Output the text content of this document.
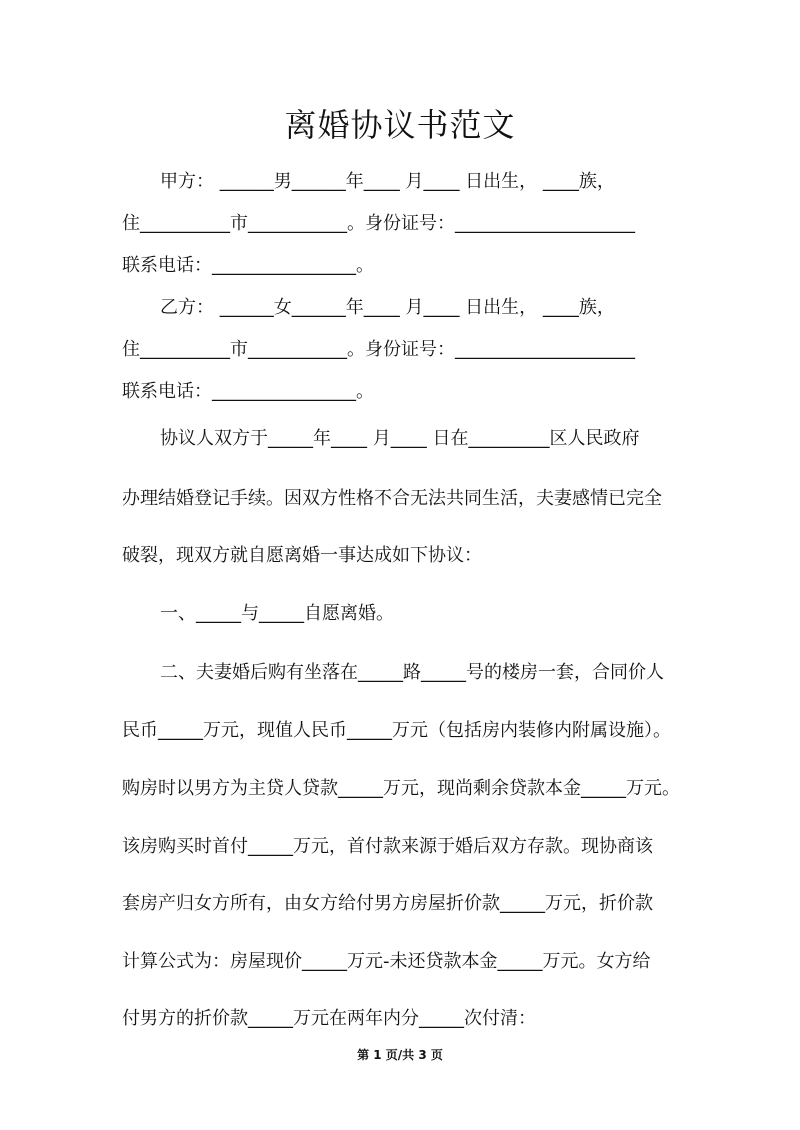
离婚协议书范文

甲方： ______男______年____ 月____ 日出生， ____族，

住__________市___________。身份证号：____________________

联系电话：________________。

乙方： ______女______年____ 月____ 日出生， ____族，

住__________市___________。身份证号：____________________

联系电话：________________。

协议人双方于_____年____ 月____ 日在_________区人民政府

办理结婚登记手续。因双方性格不合无法共同生活，夫妻感情已完全

破裂，现双方就自愿离婚一事达成如下协议：

一、_____与_____自愿离婚。

二、夫妻婚后购有坐落在_____路_____号的楼房一套，合同价人

民币_____万元，现值人民币_____万元（包括房内装修内附属设施）。

购房时以男方为主贷人贷款_____万元，现尚剩余贷款本金_____万元。

该房购买时首付_____万元，首付款来源于婚后双方存款。现协商该

套房产归女方所有，由女方给付男方房屋折价款_____万元，折价款

计算公式为：房屋现价_____万元-未还贷款本金_____万元。女方给

付男方的折价款_____万元在两年内分_____次付清：

第 1 页/共 3 页
